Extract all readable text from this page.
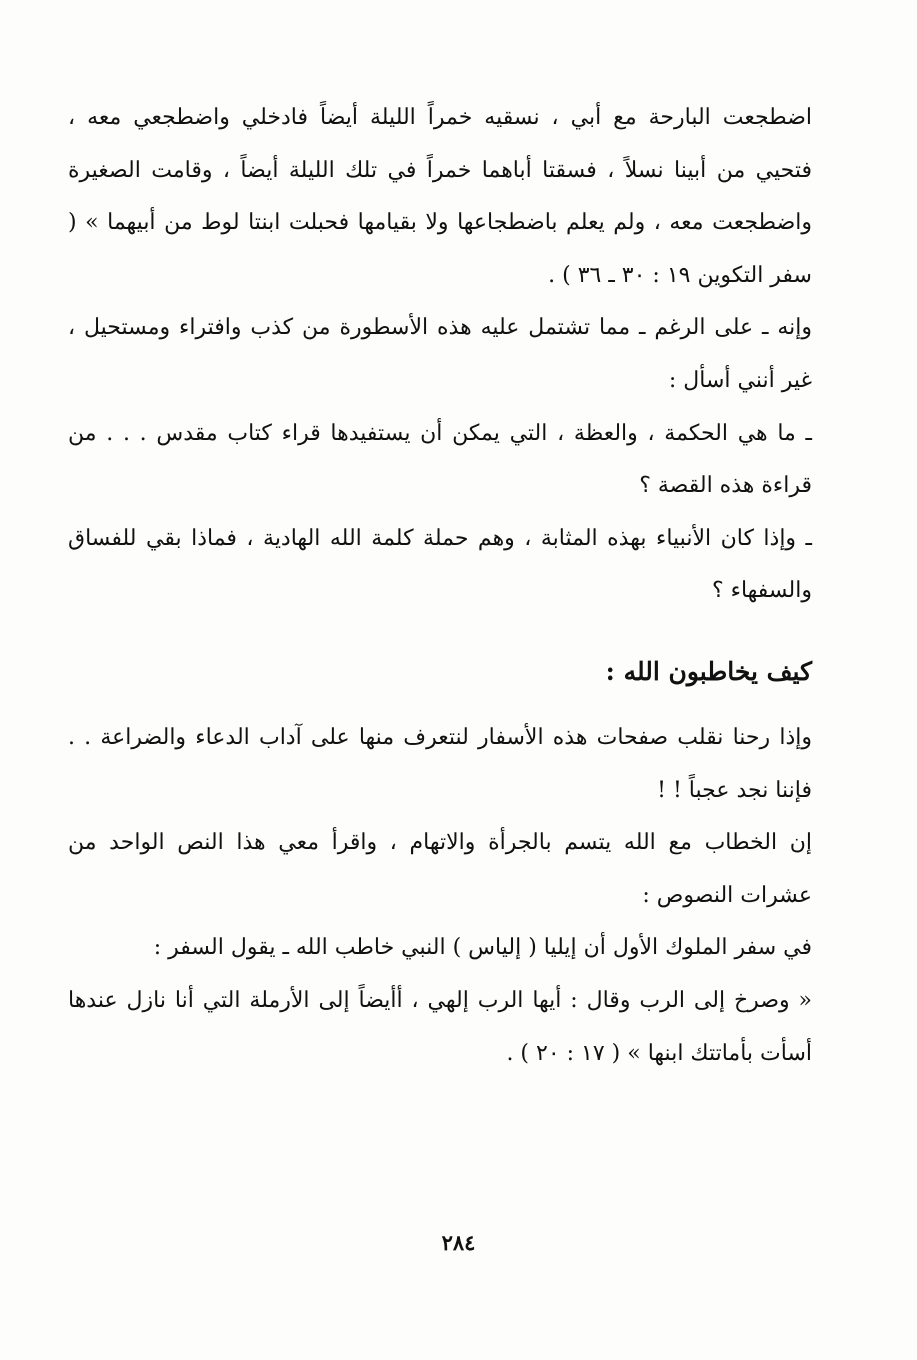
اضطجعت البارحة مع أبي ، نسقيه خمراً الليلة أيضاً فادخلي واضطجعي معه ، فتحيي من أبينا نسلاً ، فسقتا أباهما خمراً في تلك الليلة أيضاً ، وقامت الصغيرة واضطجعت معه ، ولم يعلم باضطجاعها ولا بقيامها فحبلت ابنتا لوط من أبيهما » ( سفر التكوين ١٩ : ٣٠ ـ ٣٦ ) .

وإنه ـ على الرغم ـ مما تشتمل عليه هذه الأسطورة من كذب وافتراء ومستحيل ، غير أنني أسأل :

ـ ما هي الحكمة ، والعظة ، التي يمكن أن يستفيدها قراء كتاب مقدس . . . من قراءة هذه القصة ؟

ـ وإذا كان الأنبياء بهذه المثابة ، وهم حملة كلمة الله الهادية ، فماذا بقي للفساق والسفهاء ؟

كيف يخاطبون الله :

وإذا رحنا نقلب صفحات هذه الأسفار لنتعرف منها على آداب الدعاء والضراعة . . فإننا نجد عجباً ! !

إن الخطاب مع الله يتسم بالجرأة والاتهام ، واقرأ معي هذا النص الواحد من عشرات النصوص :

في سفر الملوك الأول أن إيليا ( إلياس ) النبي خاطب الله ـ يقول السفر :

« وصرخ إلى الرب وقال : أيها الرب إلهي ، أأيضاً إلى الأرملة التي أنا نازل عندها أسأت بأماتتك ابنها » ( ١٧ : ٢٠ ) .

٢٨٤
